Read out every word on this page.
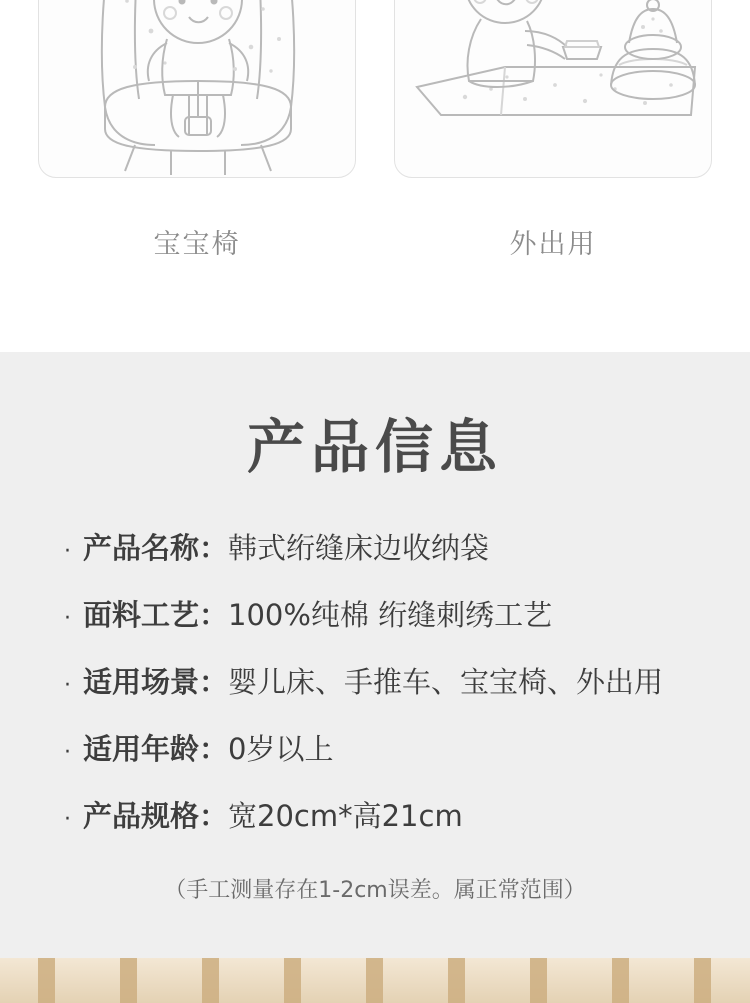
宝宝椅	外出用
产品信息
· 产品名称： 韩式绗缝床边收纳袋
· 面料工艺： 100%纯棉 绗缝刺绣工艺
· 适用场景： 婴儿床、手推车、宝宝椅、外出用
· 适用年龄： 0岁以上
· 产品规格： 宽20cm*高21cm
（手工测量存在1-2cm误差。属正常范围）
